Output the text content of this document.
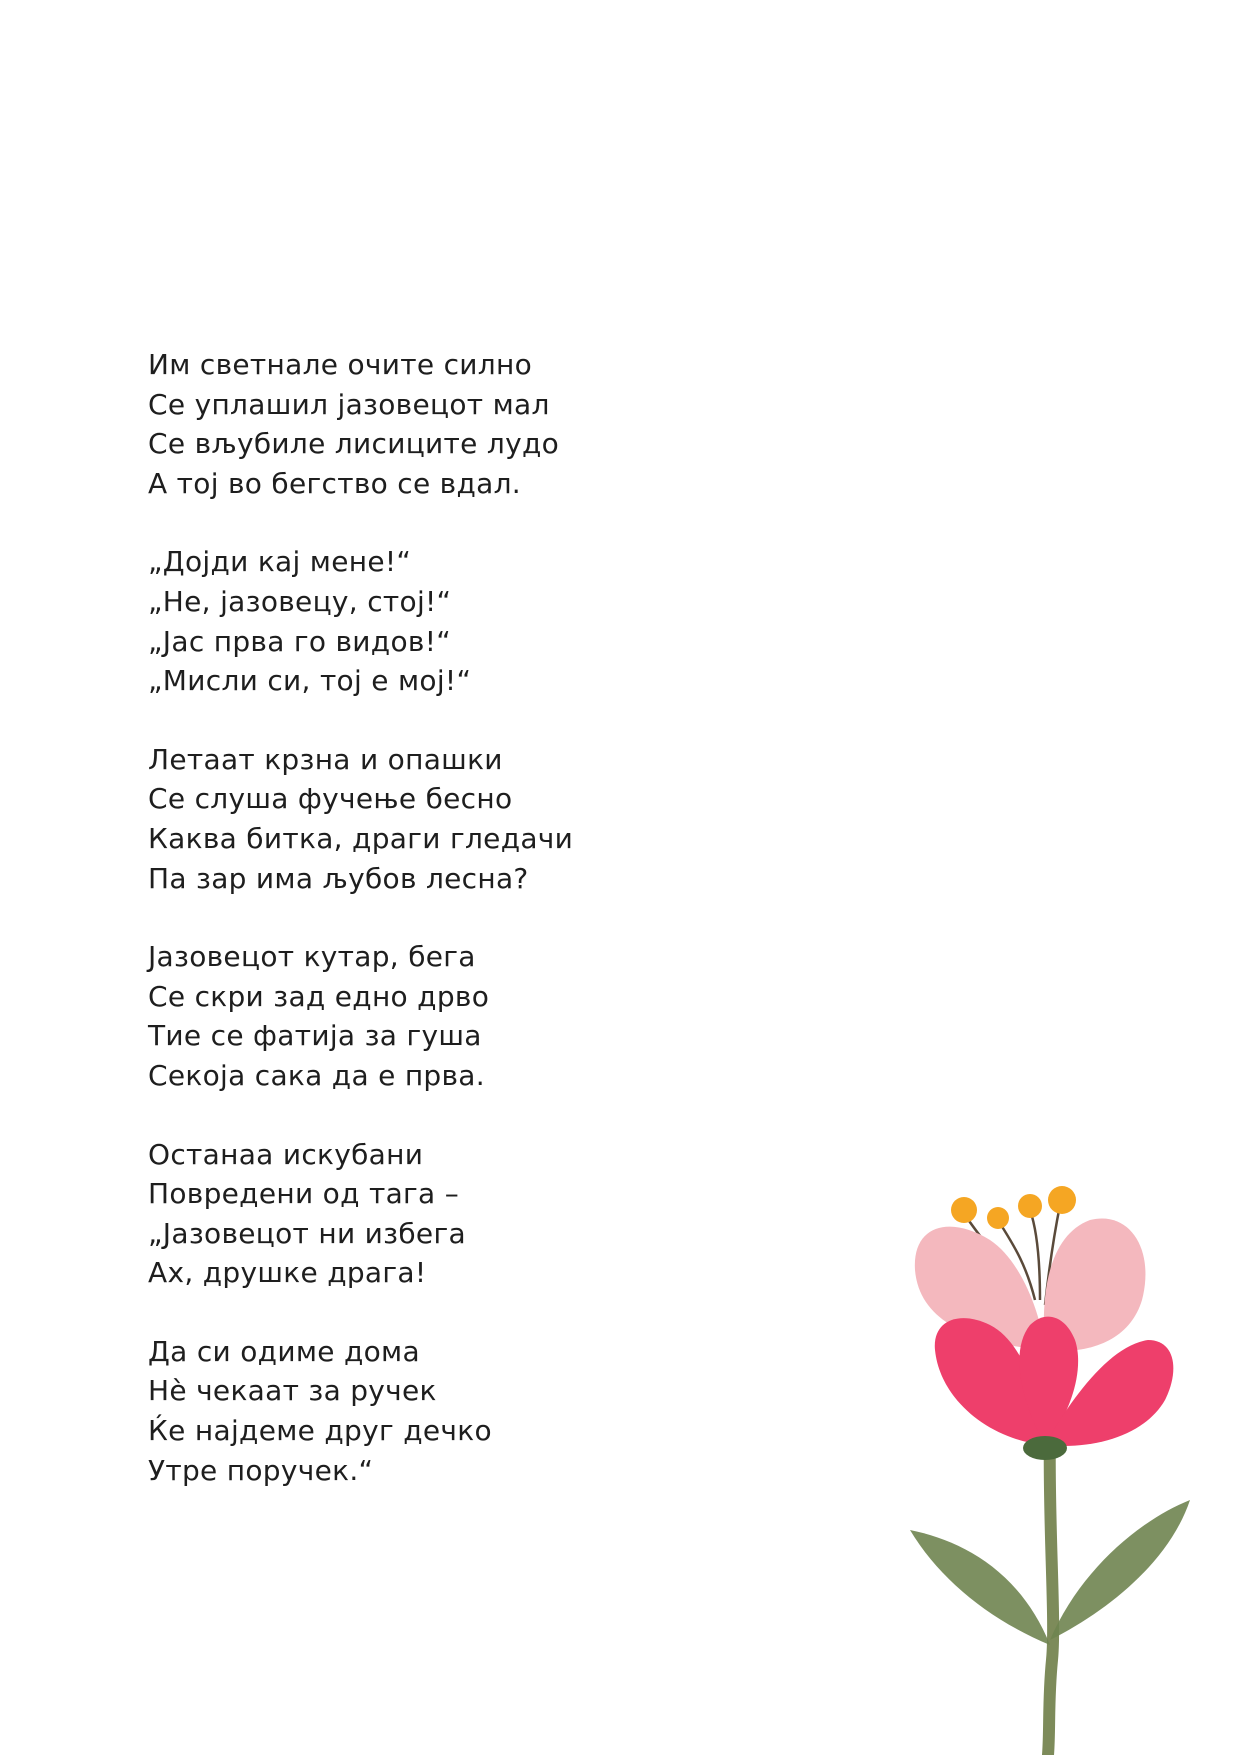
Им светнале очите силно
Се уплашил јазовецот мал
Се вљубиле лисиците лудо
А тој во бегство се вдал.
„Дојди кај мене!“
„Не, јазовецу, стој!“
„Јас прва го видов!“
„Мисли си, тој е мој!“
Летаат крзна и опашки
Се слуша фучење бесно
Каква битка, драги гледачи
Па зар има љубов лесна?
Јазовецот кутар, бега
Се скри зад едно дрво
Тие се фатија за гуша
Секоја сака да е прва.
Останаа искубани
Повредени од тага –
„Јазовецот ни избега
Ах, друшке драга!
Да си одиме дома
Нè чекаат за ручек
Ќе најдеме друг дечко
Утре поручек.“
